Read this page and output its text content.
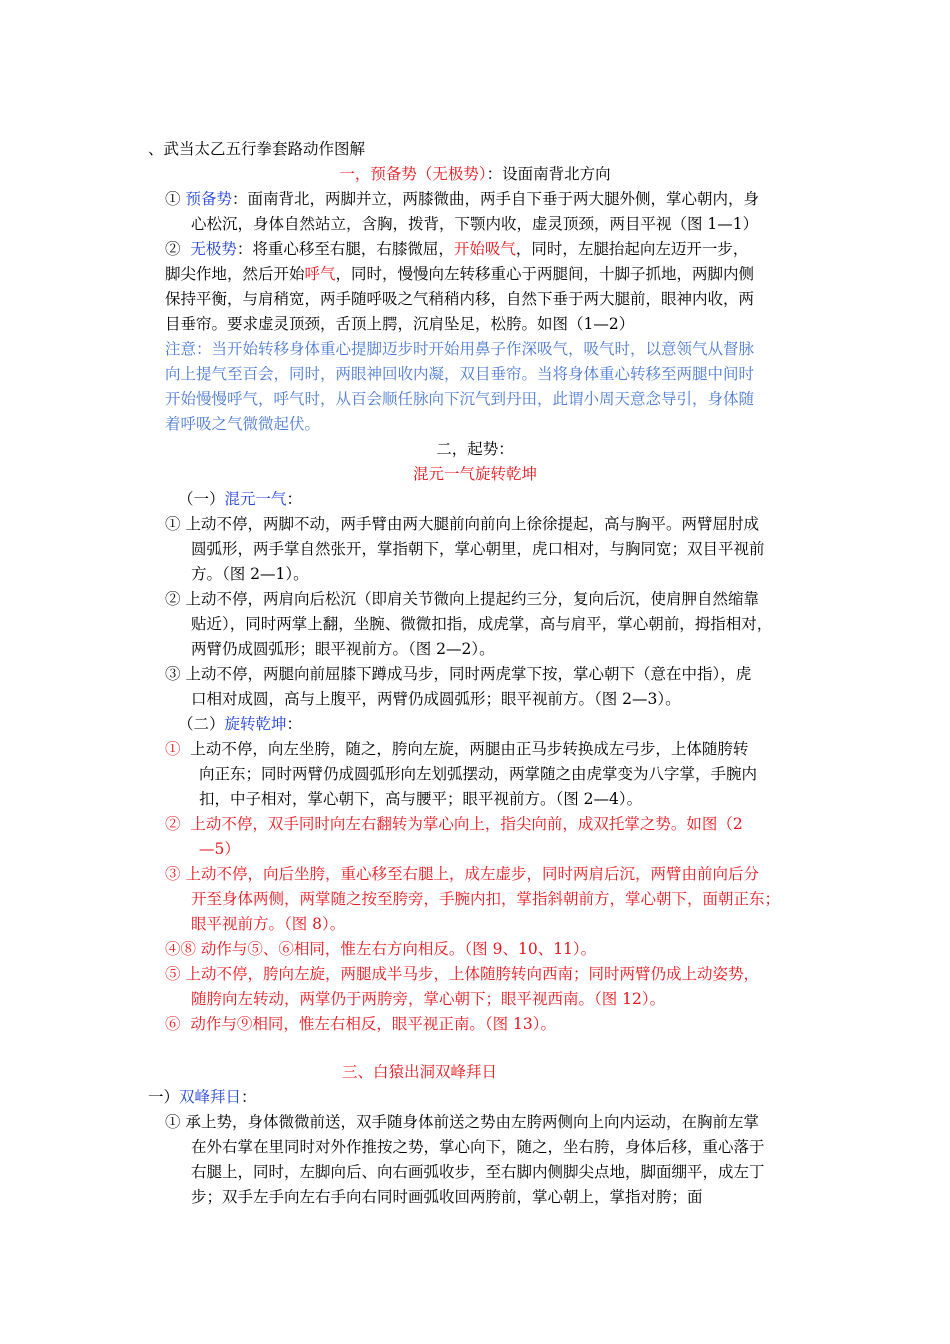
、武当太乙五行拳套路动作图解
一，预备势（无极势）：设面南背北方向
① 预备势：面南背北，两脚并立，两膝微曲，两手自下垂于两大腿外侧，掌心朝内，身
心松沉，身体自然站立，含胸，拨背，下颚内收，虚灵顶颈，两目平视（图 1—1）
② 无极势：将重心移至右腿，右膝微屈，开始吸气，同时，左腿抬起向左迈开一步，
脚尖作地，然后开始呼气，同时，慢慢向左转移重心于两腿间，十脚子抓地，两脚内侧
保持平衡，与肩稍宽，两手随呼吸之气稍稍内移，自然下垂于两大腿前，眼神内收，两
目垂帘。要求虚灵顶颈，舌顶上腭，沉肩坠足，松胯。如图（1—2）
注意：当开始转移身体重心提脚迈步时开始用鼻子作深吸气，吸气时，以意领气从督脉
向上提气至百会，同时，两眼神回收内凝，双目垂帘。当将身体重心转移至两腿中间时
开始慢慢呼气，呼气时，从百会顺任脉向下沉气到丹田，此谓小周天意念导引，身体随
着呼吸之气微微起伏。
二，起势：
混元一气旋转乾坤
（一）混元一气：
① 上动不停，两脚不动，两手臂由两大腿前向前向上徐徐提起，高与胸平。两臂屈肘成
圆弧形，两手掌自然张开，掌指朝下，掌心朝里，虎口相对，与胸同宽；双目平视前
方。（图 2—1）。
② 上动不停，两肩向后松沉（即肩关节微向上提起约三分，复向后沉，使肩胛自然缩靠
贴近），同时两掌上翻，坐腕、微微扣指，成虎掌，高与肩平，掌心朝前，拇指相对，
两臂仍成圆弧形；眼平视前方。（图 2—2）。
③ 上动不停，两腿向前屈膝下蹲成马步，同时两虎掌下按，掌心朝下（意在中指），虎
口相对成圆，高与上腹平，两臂仍成圆弧形；眼平视前方。（图 2—3）。
（二）旋转乾坤：
① 上动不停，向左坐胯，随之，胯向左旋，两腿由正马步转换成左弓步，上体随胯转
向正东；同时两臂仍成圆弧形向左划弧摆动，两掌随之由虎掌变为八字掌，手腕内
扣，中子相对，掌心朝下，高与腰平；眼平视前方。（图 2—4）。
② 上动不停，双手同时向左右翻转为掌心向上，指尖向前，成双托掌之势。如图（2
—5）
③ 上动不停，向后坐胯，重心移至右腿上，成左虚步，同时两肩后沉，两臂由前向后分
开至身体两侧，两掌随之按至胯旁，手腕内扣，掌指斜朝前方，掌心朝下，面朝正东；
眼平视前方。（图 8）。
④⑧ 动作与⑤、⑥相同，惟左右方向相反。（图 9、10、11）。
⑤ 上动不停，胯向左旋，两腿成半马步，上体随胯转向西南；同时两臂仍成上动姿势，
随胯向左转动，两掌仍于两胯旁，掌心朝下；眼平视西南。（图 12）。
⑥ 动作与⑨相同，惟左右相反，眼平视正南。（图 13）。
三、白猿出洞双峰拜日
一）双峰拜日：
① 承上势，身体微微前送，双手随身体前送之势由左胯两侧向上向内运动，在胸前左掌
在外右掌在里同时对外作推按之势，掌心向下，随之，坐右胯，身体后移，重心落于
右腿上，同时，左脚向后、向右画弧收步，至右脚内侧脚尖点地，脚面绷平，成左丁
步；双手左手向左右手向右同时画弧收回两胯前，掌心朝上，掌指对胯；面
